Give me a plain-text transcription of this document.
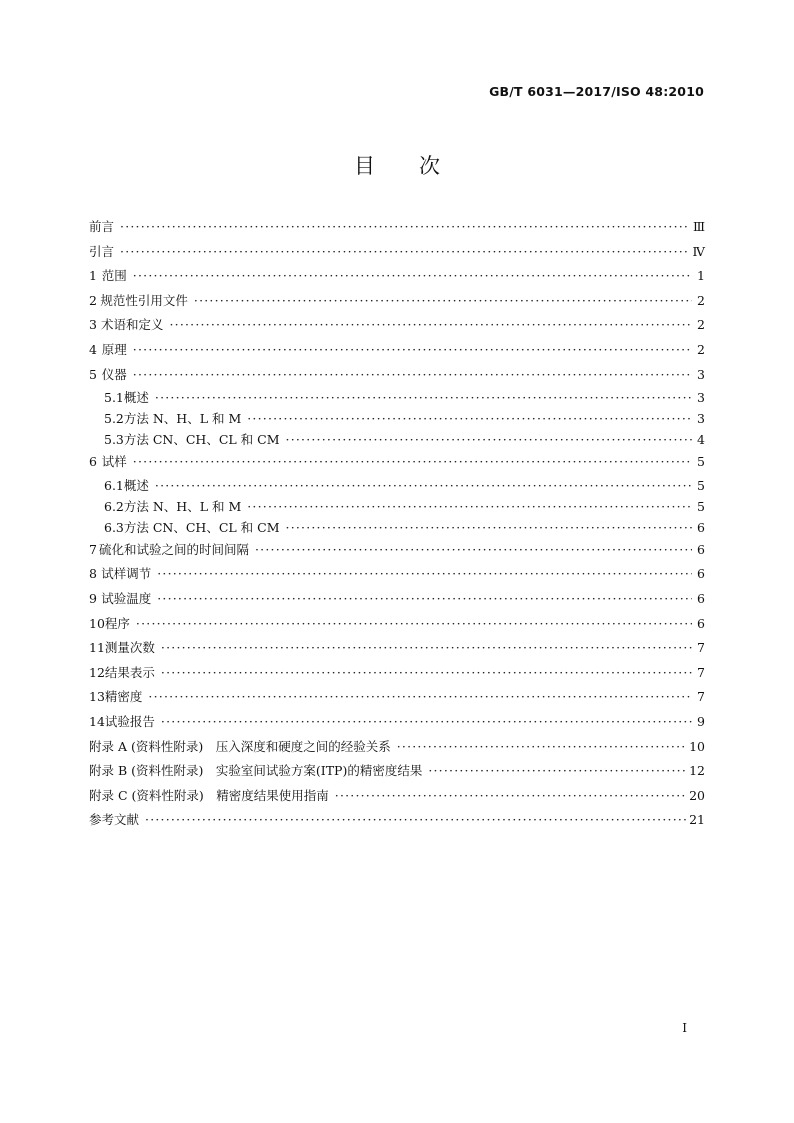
GB/T 6031—2017/ISO 48:2010
目次
前言 ·····	Ⅲ
引言 ·····	Ⅳ
1 范围 ·····	1
2 规范性引用文件 ·····	2
3 术语和定义 ·····	2
4 原理 ·····	2
5 仪器 ·····	3
5.1 概述 ·····	3
5.2 方法 N、H、L 和 M ·····	3
5.3 方法 CN、CH、CL 和 CM ·····	4
6 试样 ·····	5
6.1 概述 ·····	5
6.2 方法 N、H、L 和 M ·····	5
6.3 方法 CN、CH、CL 和 CM ·····	6
7 硫化和试验之间的时间间隔 ·····	6
8 试样调节 ·····	6
9 试验温度 ·····	6
10 程序 ·····	6
11 测量次数 ·····	7
12 结果表示 ·····	7
13 精密度 ·····	7
14 试验报告 ·····	9
附录 A (资料性附录)　压入深度和硬度之间的经验关系 ·····	10
附录 B (资料性附录)　实验室间试验方案(ITP)的精密度结果 ·····	12
附录 C (资料性附录)　精密度结果使用指南 ·····	20
参考文献 ·····	21
I
